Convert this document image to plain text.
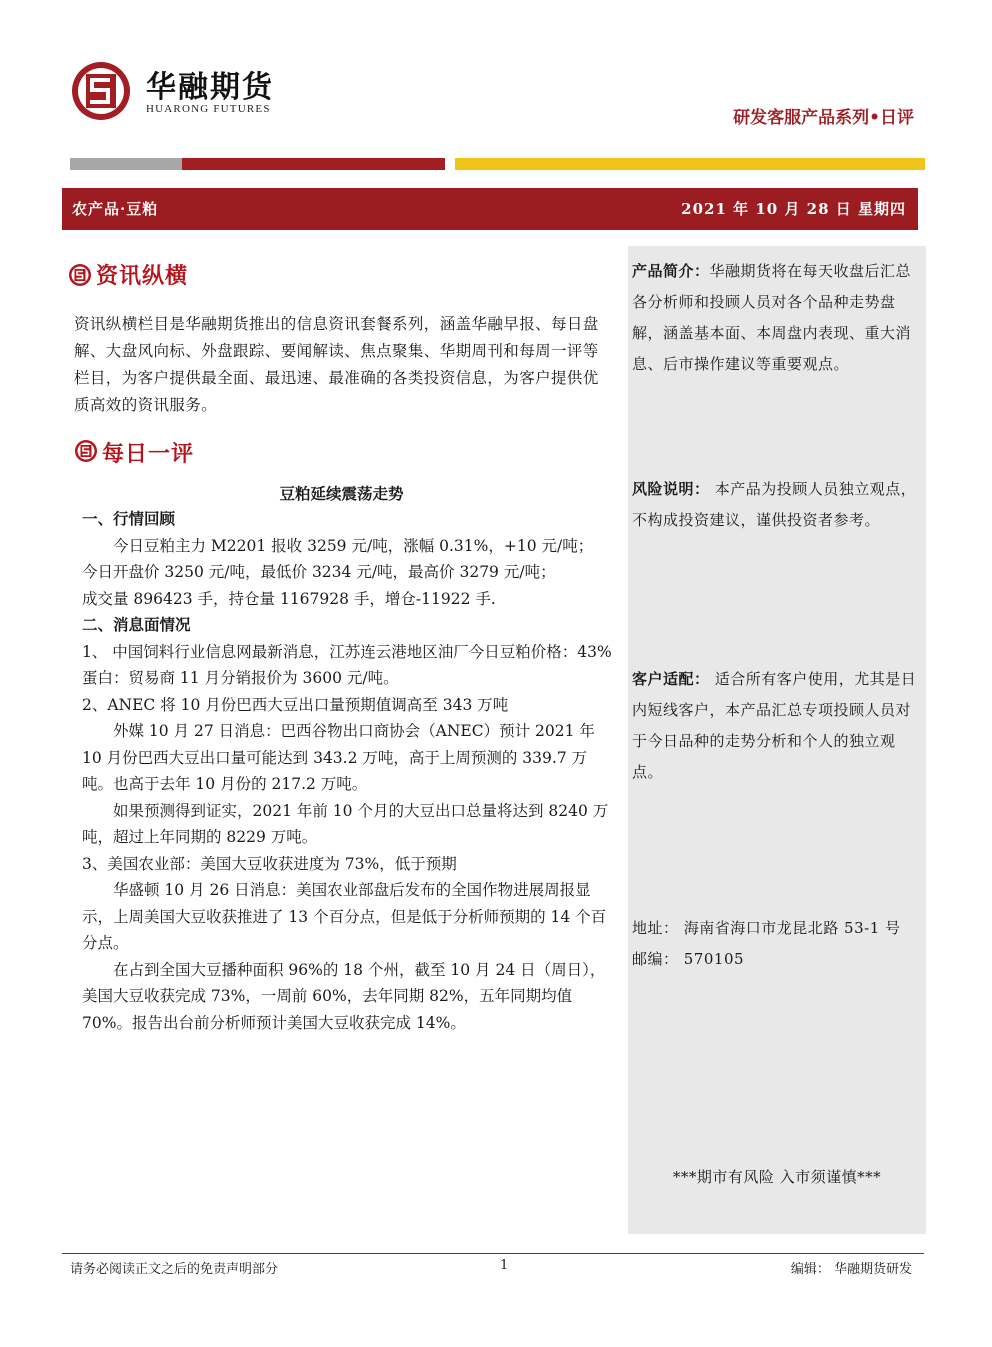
华融期货
HUARONG FUTURES	研发客服产品系列•日评
农产品·豆粕	2021 年 10 月 28 日 星期四
资讯纵横
资讯纵横栏目是华融期货推出的信息资讯套餐系列，涵盖华融早报、每日盘解、大盘风向标、外盘跟踪、要闻解读、焦点聚集、华期周刊和每周一评等栏目，为客户提供最全面、最迅速、最准确的各类投资信息，为客户提供优质高效的资讯服务。
每日一评
豆粕延续震荡走势

一、行情回顾

今日豆粕主力 M2201 报收 3259 元/吨，涨幅 0.31%，+10 元/吨；

今日开盘价 3250 元/吨，最低价 3234 元/吨，最高价 3279 元/吨；

成交量 896423 手，持仓量 1167928 手，增仓-11922 手.

二、消息面情况

1、 中国饲料行业信息网最新消息，江苏连云港地区油厂今日豆粕价格：43%蛋白：贸易商 11 月分销报价为 3600 元/吨。

2、ANEC 将 10 月份巴西大豆出口量预期值调高至 343 万吨

外媒 10 月 27 日消息：巴西谷物出口商协会（ANEC）预计 2021 年 10 月份巴西大豆出口量可能达到 343.2 万吨，高于上周预测的 339.7 万吨。也高于去年 10 月份的 217.2 万吨。

如果预测得到证实，2021 年前 10 个月的大豆出口总量将达到 8240 万吨，超过上年同期的 8229 万吨。

3、美国农业部：美国大豆收获进度为 73%，低于预期

华盛顿 10 月 26 日消息：美国农业部盘后发布的全国作物进展周报显示，上周美国大豆收获推进了 13 个百分点，但是低于分析师预期的 14 个百分点。

在占到全国大豆播种面积 96%的 18 个州，截至 10 月 24 日（周日），美国大豆收获完成 73%，一周前 60%，去年同期 82%，五年同期均值 70%。报告出台前分析师预计美国大豆收获完成 14%。

产品简介：华融期货将在每天收盘后汇总各分析师和投顾人员对各个品种走势盘解，涵盖基本面、本周盘内表现、重大消息、后市操作建议等重要观点。
风险说明： 本产品为投顾人员独立观点，不构成投资建议，谨供投资者参考。
客户适配： 适合所有客户使用，尤其是日内短线客户，本产品汇总专项投顾人员对于今日品种的走势分析和个人的独立观点。
地址： 海南省海口市龙昆北路 53-1 号
邮编： 570105
***期市有风险 入市须谨慎***
请务必阅读正文之后的免责声明部分	1	编辑： 华融期货研发
